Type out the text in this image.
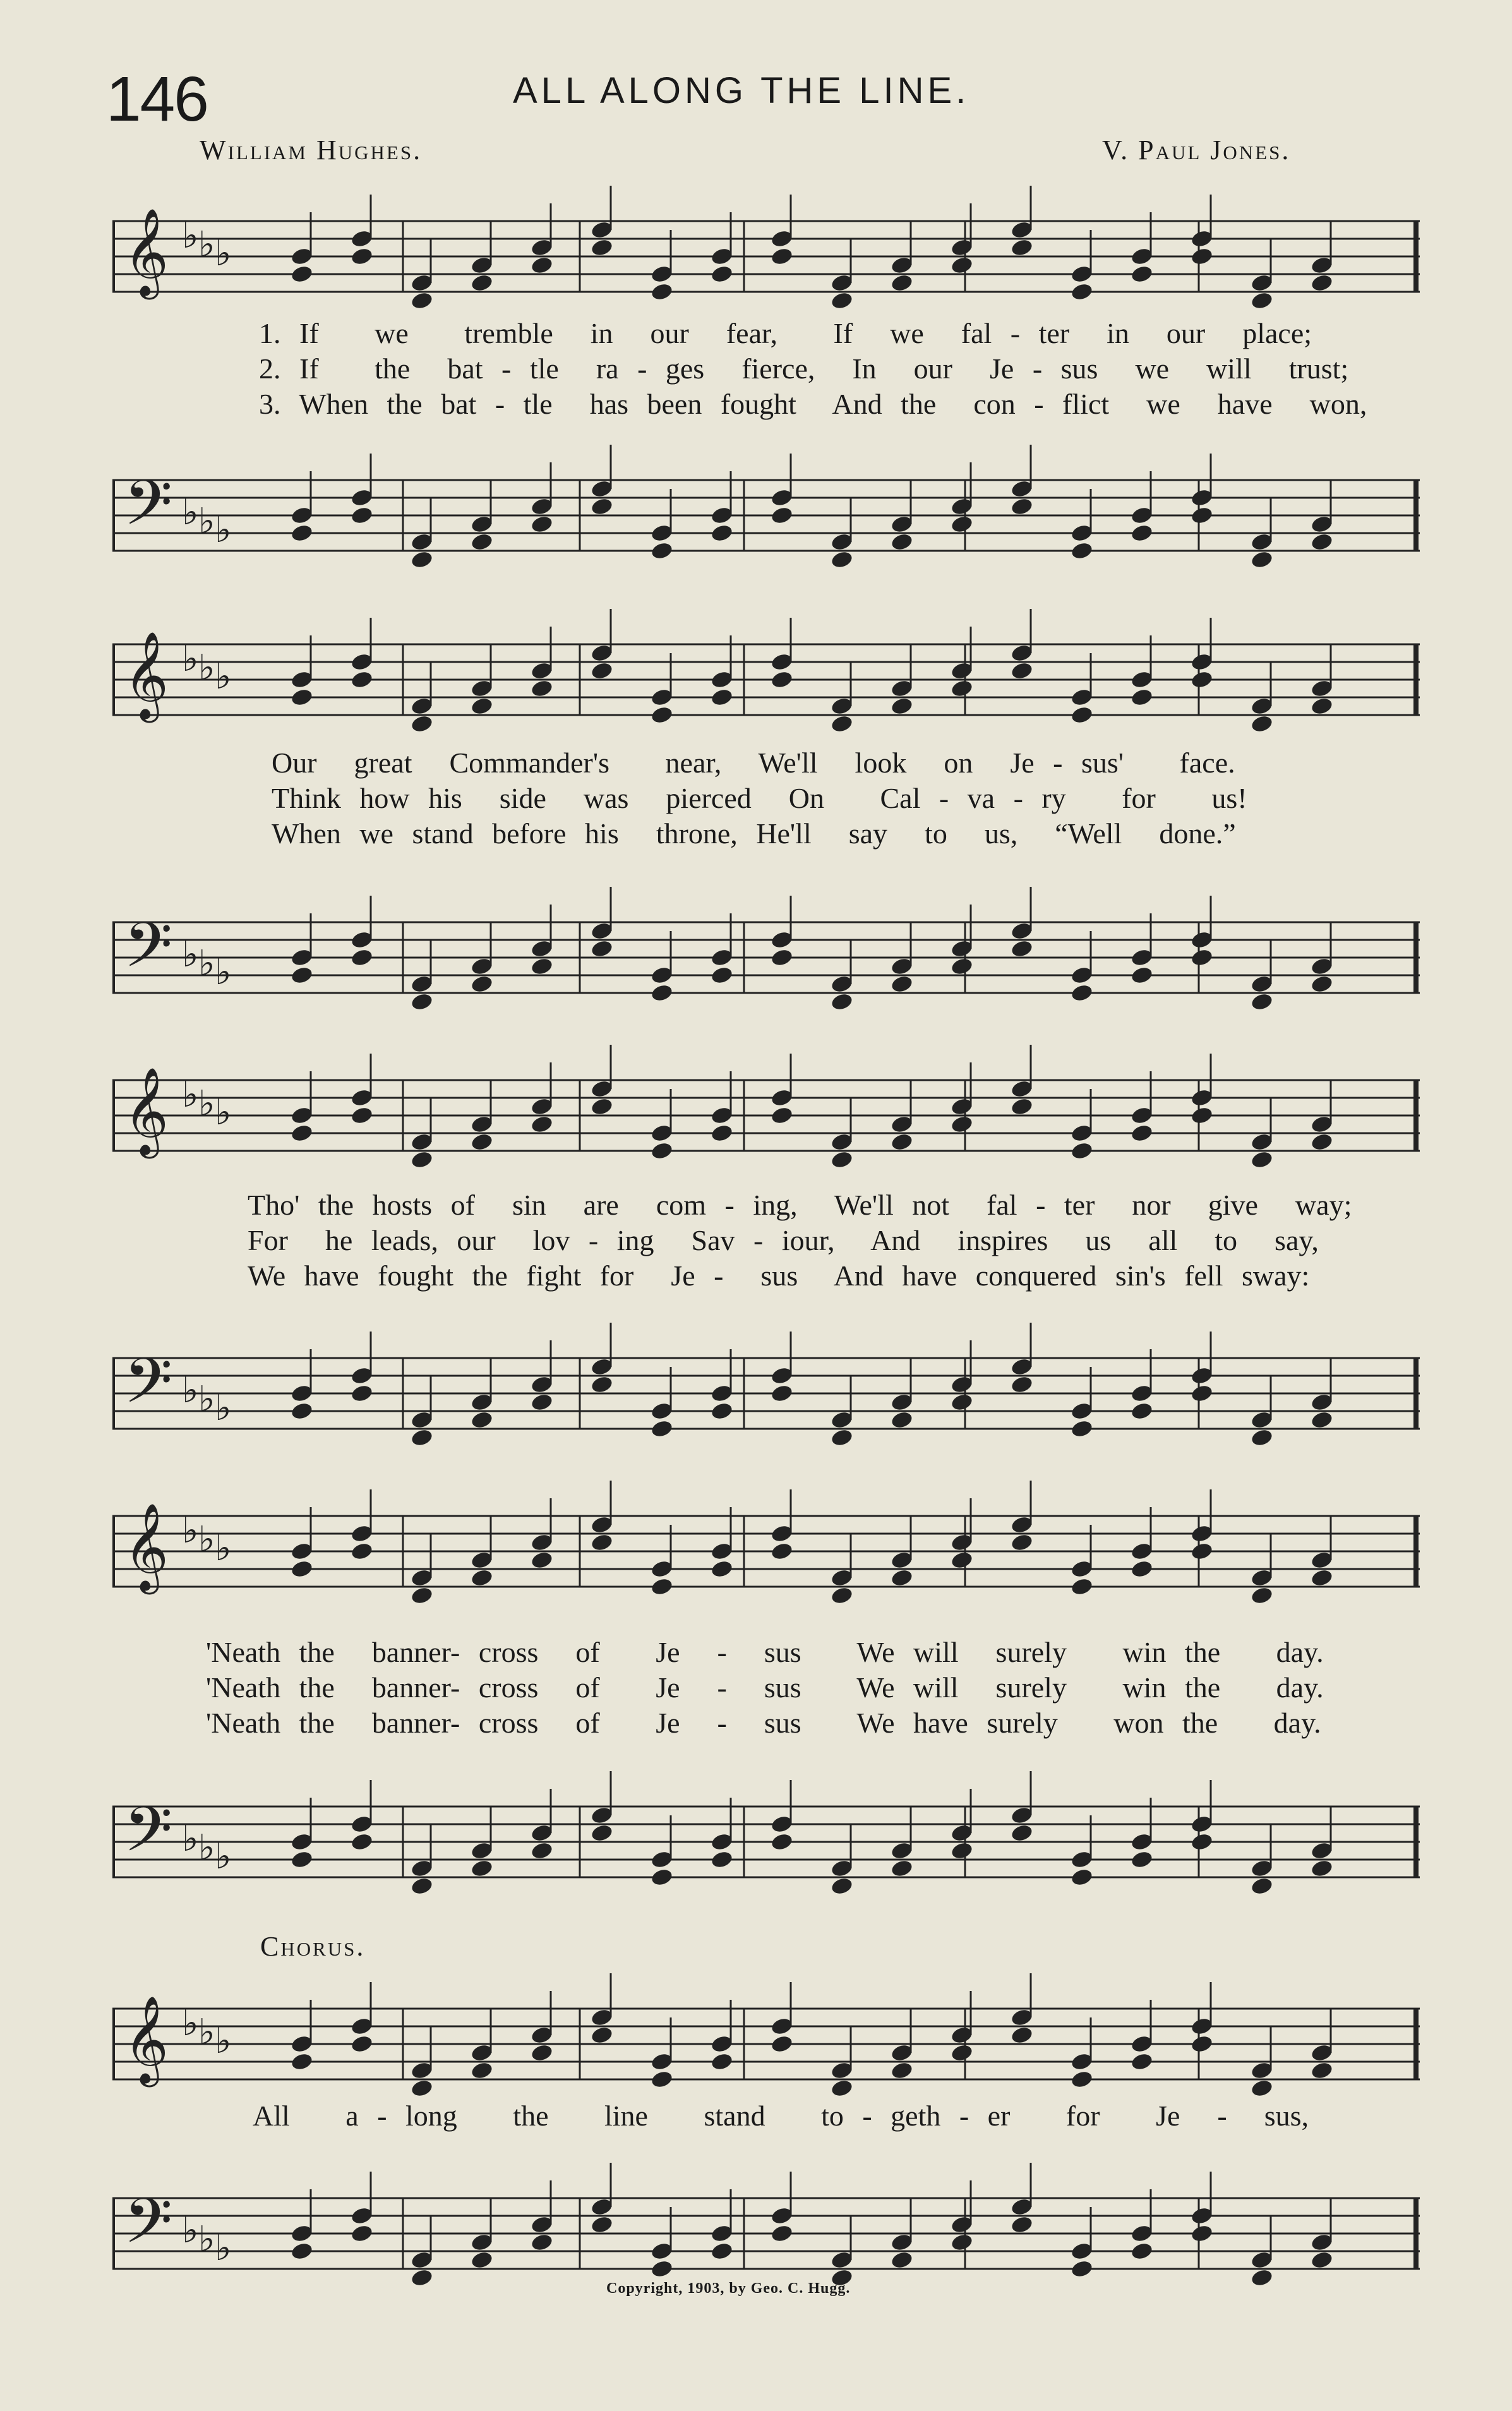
146	ALL ALONG THE LINE.
William Hughes.	V. Paul Jones.
𝄞 ♭ ♭ ♭
𝄢 ♭ ♭ ♭
1. If   we   tremble  in  our  fear,   If  we  fal - ter  in  our  place;
2. If   the  bat - tle  ra - ges  fierce,  In  our  Je - sus  we  will  trust;
3. When the bat - tle  has been fought  And the  con - flict  we  have  won,
𝄞 ♭ ♭ ♭
𝄢 ♭ ♭ ♭
Our  great  Commander's   near,  We'll  look  on  Je - sus'   face.
Think how his  side  was  pierced  On   Cal - va - ry   for   us!
When we stand before his  throne, He'll  say  to  us,  “Well  done.”
𝄞 ♭ ♭ ♭
𝄢 ♭ ♭ ♭
Tho' the hosts of  sin  are  com - ing,  We'll not  fal - ter  nor  give  way;
For  he leads, our  lov - ing  Sav - iour,  And  inspires  us  all  to  say,
We have fought the fight for  Je -  sus  And have conquered sin's fell sway:
𝄞 ♭ ♭ ♭
𝄢 ♭ ♭ ♭
'Neath the  banner- cross  of   Je  -  sus   We will  surely   win the   day.
'Neath the  banner- cross  of   Je  -  sus   We will  surely   win the   day.
'Neath the  banner- cross  of   Je  -  sus   We have surely   won the   day.
Chorus.
𝄞 ♭ ♭ ♭
𝄢 ♭ ♭ ♭
All   a - long   the   line   stand   to - geth - er   for   Je  -  sus,
Copyright, 1903, by Geo. C. Hugg.
